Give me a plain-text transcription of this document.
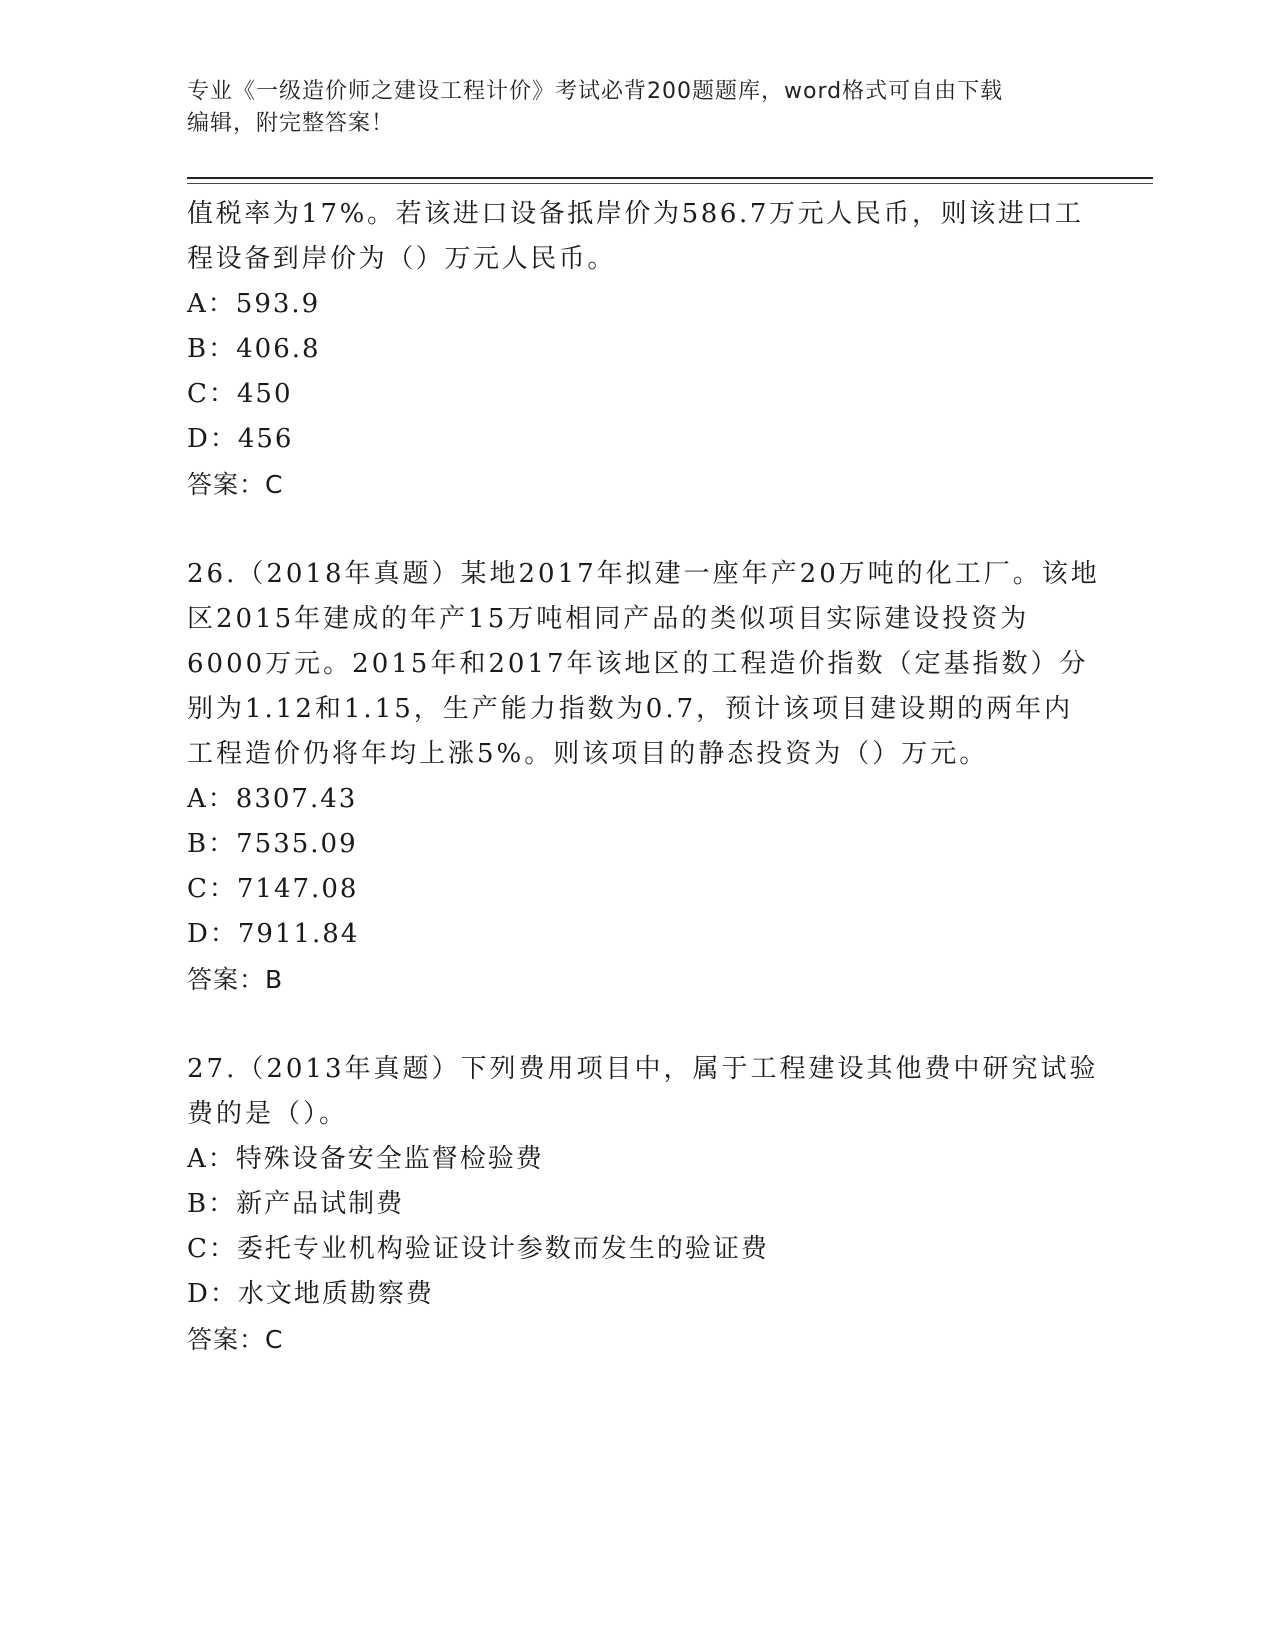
专业《一级造价师之建设工程计价》考试必背200题题库，word格式可自由下载
编辑，附完整答案！
值税率为17%。若该进口设备抵岸价为586.7万元人民币，则该进口工
程设备到岸价为（）万元人民币。
A：593.9
B：406.8
C：450
D：456
答案：C
26.（2018年真题）某地2017年拟建一座年产20万吨的化工厂。该地
区2015年建成的年产15万吨相同产品的类似项目实际建设投资为
6000万元。2015年和2017年该地区的工程造价指数（定基指数）分
别为1.12和1.15，生产能力指数为0.7，预计该项目建设期的两年内
工程造价仍将年均上涨5%。则该项目的静态投资为（）万元。
A：8307.43
B：7535.09
C：7147.08
D：7911.84
答案：B
27.（2013年真题）下列费用项目中，属于工程建设其他费中研究试验
费的是（）。
A：特殊设备安全监督检验费
B：新产品试制费
C：委托专业机构验证设计参数而发生的验证费
D：水文地质勘察费
答案：C
